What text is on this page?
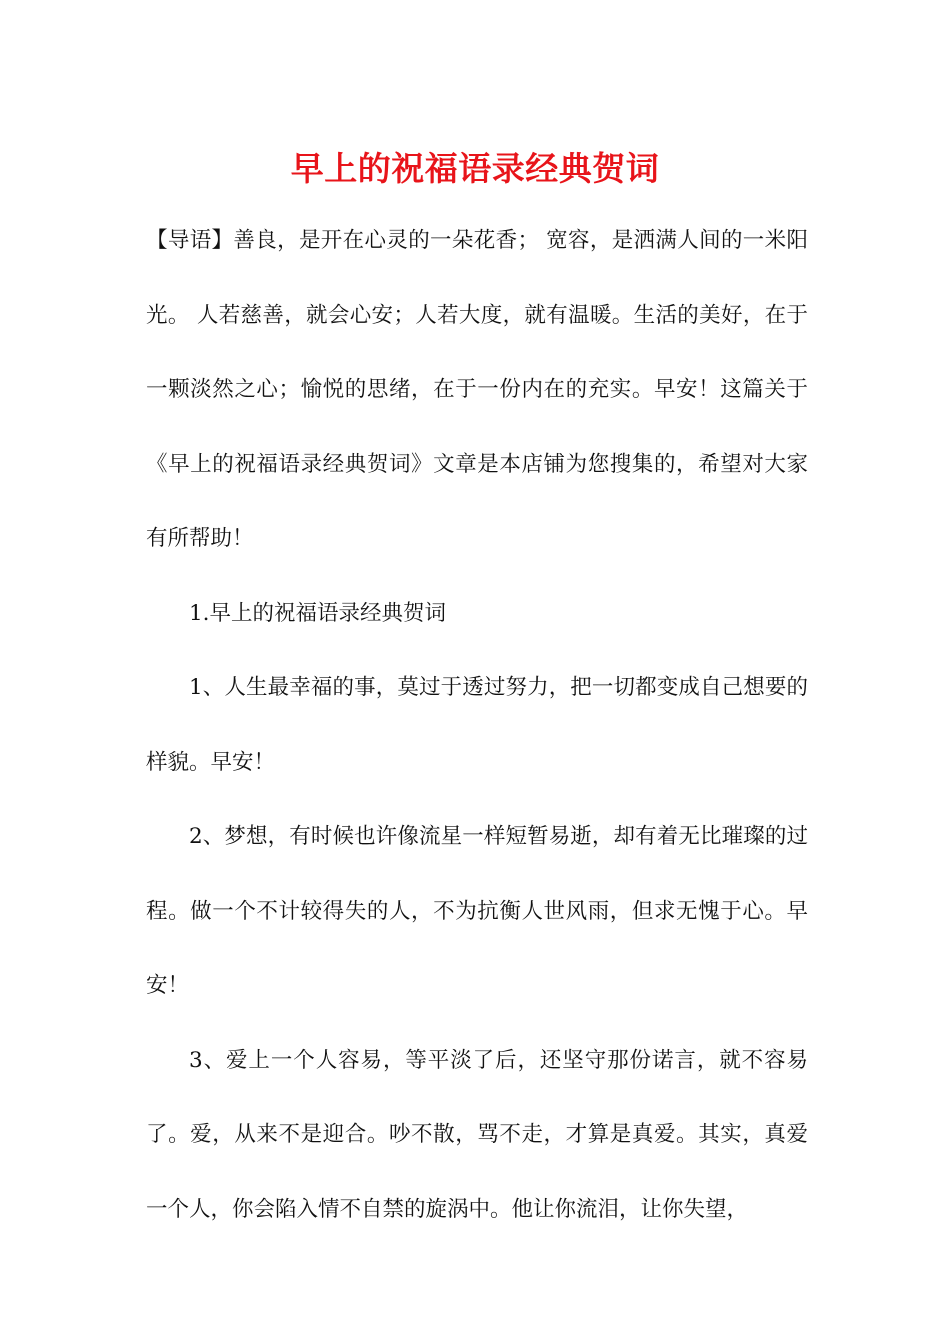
早上的祝福语录经典贺词

【导语】善良，是开在心灵的一朵花香； 宽容，是洒满人间的一米阳光。 人若慈善，就会心安；人若大度，就有温暖。生活的美好，在于一颗淡然之心；愉悦的思绪，在于一份内在的充实。早安！这篇关于《早上的祝福语录经典贺词》文章是本店铺为您搜集的，希望对大家有所帮助！

1.早上的祝福语录经典贺词

1、人生最幸福的事，莫过于透过努力，把一切都变成自己想要的样貌。早安！

2、梦想，有时候也许像流星一样短暂易逝，却有着无比璀璨的过程。做一个不计较得失的人，不为抗衡人世风雨，但求无愧于心。早安！

3、爱上一个人容易，等平淡了后，还坚守那份诺言，就不容易了。爱，从来不是迎合。吵不散，骂不走，才算是真爱。其实，真爱一个人，你会陷入情不自禁的旋涡中。他让你流泪，让你失望，
